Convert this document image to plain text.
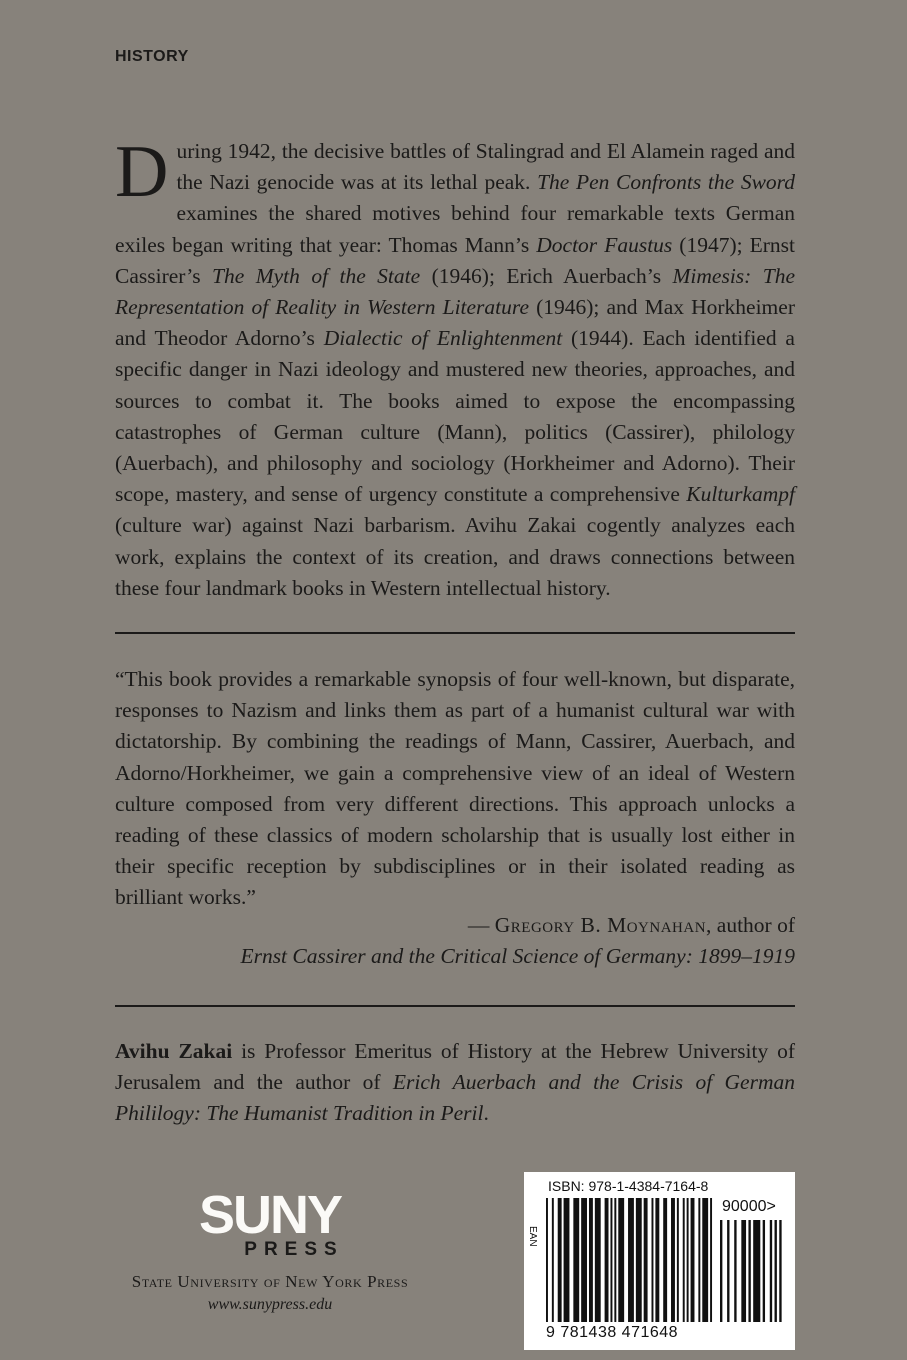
HISTORY

During 1942, the decisive battles of Stalingrad and El Alamein raged and the Nazi genocide was at its lethal peak. The Pen Confronts the Sword examines the shared motives behind four remarkable texts German exiles began writing that year: Thomas Mann’s Doctor Faustus (1947); Ernst Cassirer’s The Myth of the State (1946); Erich Auerbach’s Mimesis: The Representation of Reality in Western Literature (1946); and Max Horkheimer and Theodor Adorno’s Dialectic of Enlightenment (1944). Each identified a specific danger in Nazi ideology and mustered new theories, approaches, and sources to combat it. The books aimed to expose the encompassing catastrophes of German culture (Mann), politics (Cassirer), philology (Auerbach), and philosophy and sociology (Horkheimer and Adorno). Their scope, mastery, and sense of urgency constitute a comprehensive Kulturkampf (culture war) against Nazi barbarism. Avihu Zakai cogently analyzes each work, explains the context of its creation, and draws connections between these four landmark books in Western intellectual history.

“This book provides a remarkable synopsis of four well-known, but disparate, responses to Nazism and links them as part of a humanist cultural war with dictatorship. By combining the readings of Mann, Cassirer, Auerbach, and Adorno/Horkheimer, we gain a comprehensive view of an ideal of Western culture composed from very different directions. This approach unlocks a reading of these classics of modern scholarship that is usually lost either in their specific reception by subdisciplines or in their isolated reading as brilliant works.”

— Gregory B. Moynahan, author of
Ernst Cassirer and the Critical Science of Germany: 1899–1919

Avihu Zakai is Professor Emeritus of History at the Hebrew University of Jerusalem and the author of Erich Auerbach and the Crisis of German Phililogy: The Humanist Tradition in Peril.

SUNY
PRESS
State University of New York Press
www.sunypress.edu
ISBN: 978-1-4384-7164-8
90000>
EAN
9 781438 471648
